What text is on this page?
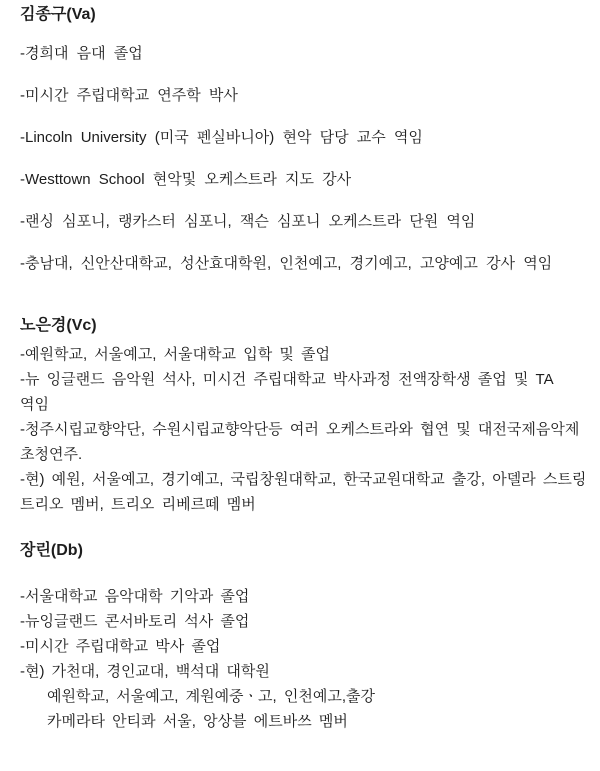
김종구(Va)
-경희대 음대 졸업
-미시간 주립대학교 연주학 박사
-Lincoln University (미국 펜실바니아) 현악 담당 교수 역임
-Westtown School 현악및 오케스트라 지도 강사
-랜싱 심포니, 랭카스터 심포니, 잭슨 심포니 오케스트라 단원 역임
-충남대, 신안산대학교, 성산효대학원, 인천예고, 경기예고, 고양예고 강사 역임
노은경(Vc)
-예원학교, 서울예고, 서울대학교 입학 및 졸업
-뉴 잉글랜드 음악원 석사, 미시건 주립대학교 박사과정 전액장학생 졸업 및 TA
역임
-청주시립교향악단, 수원시립교향악단등 여러 오케스트라와 협연 및 대전국제음악제
초청연주.
-현) 예원, 서울예고, 경기예고, 국립창원대학교, 한국교원대학교 출강, 아델라 스트링
트리오 멤버, 트리오 리베르떼 멤버
장린(Db)
-서울대학교 음악대학 기악과 졸업
-뉴잉글랜드 콘서바토리 석사 졸업
-미시간 주립대학교 박사 졸업
-현) 가천대, 경인교대, 백석대 대학원
예원학교, 서울예고, 계원예중ㆍ고, 인천예고,출강
카메라타 안티콰 서울, 앙상블 에트바쓰 멤버
